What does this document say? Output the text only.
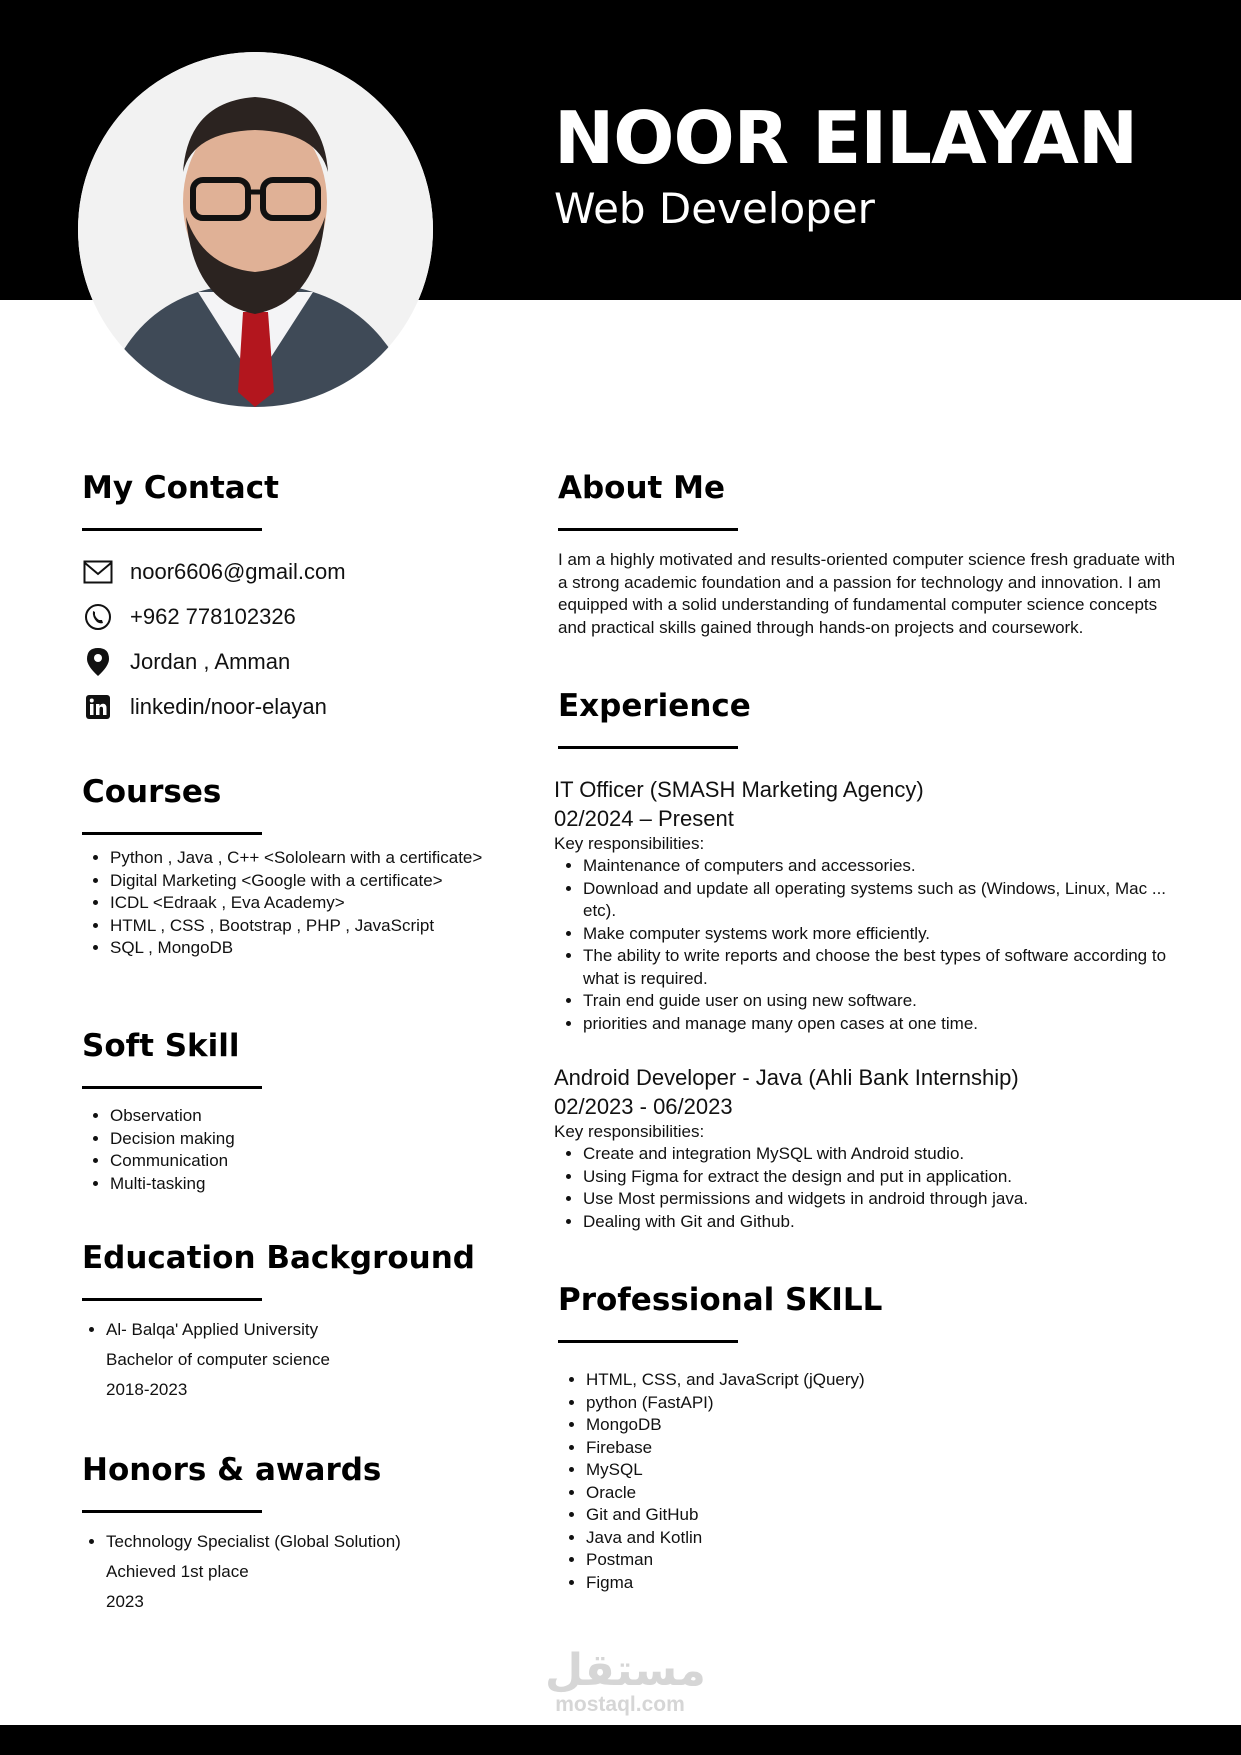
NOOR EILAYAN
Web Developer
My Contact
noor6606@gmail.com
+962 778102326
Jordan , Amman
linkedin/noor-elayan
Courses
• Python , Java , C++ <Sololearn with a certificate>
• Digital Marketing <Google with a certificate>
• ICDL <Edraak , Eva Academy>
• HTML , CSS , Bootstrap , PHP , JavaScript
• SQL , MongoDB
Soft Skill
• Observation
• Decision making
• Communication
• Multi-tasking
Education Background
• Al- Balqa' Applied University
Bachelor of computer science
2018-2023
Honors & awards
• Technology Specialist (Global Solution)
Achieved 1st place
2023
About Me

I am a highly motivated and results-oriented computer science fresh graduate with a strong academic foundation and a passion for technology and innovation. I am equipped with a solid understanding of fundamental computer science concepts and practical skills gained through hands-on projects and coursework.

Experience
IT Officer (SMASH Marketing Agency)
02/2024 – Present
Key responsibilities:
• Maintenance of computers and accessories.
• Download and update all operating systems such as (Windows, Linux, Mac ... etc).
• Make computer systems work more efficiently.
• The ability to write reports and choose the best types of software according to what is required.
• Train end guide user on using new software.
• priorities and manage many open cases at one time.
Android Developer - Java (Ahli Bank Internship)
02/2023 - 06/2023
Key responsibilities:
• Create and integration MySQL with Android studio.
• Using Figma for extract the design and put in application.
• Use Most permissions and widgets in android through java.
• Dealing with Git and Github.
Professional SKILL
• HTML, CSS, and JavaScript (jQuery)
• python (FastAPI)
• MongoDB
• Firebase
• MySQL
• Oracle
• Git and GitHub
• Java and Kotlin
• Postman
• Figma
مستقل
mostaql.com
